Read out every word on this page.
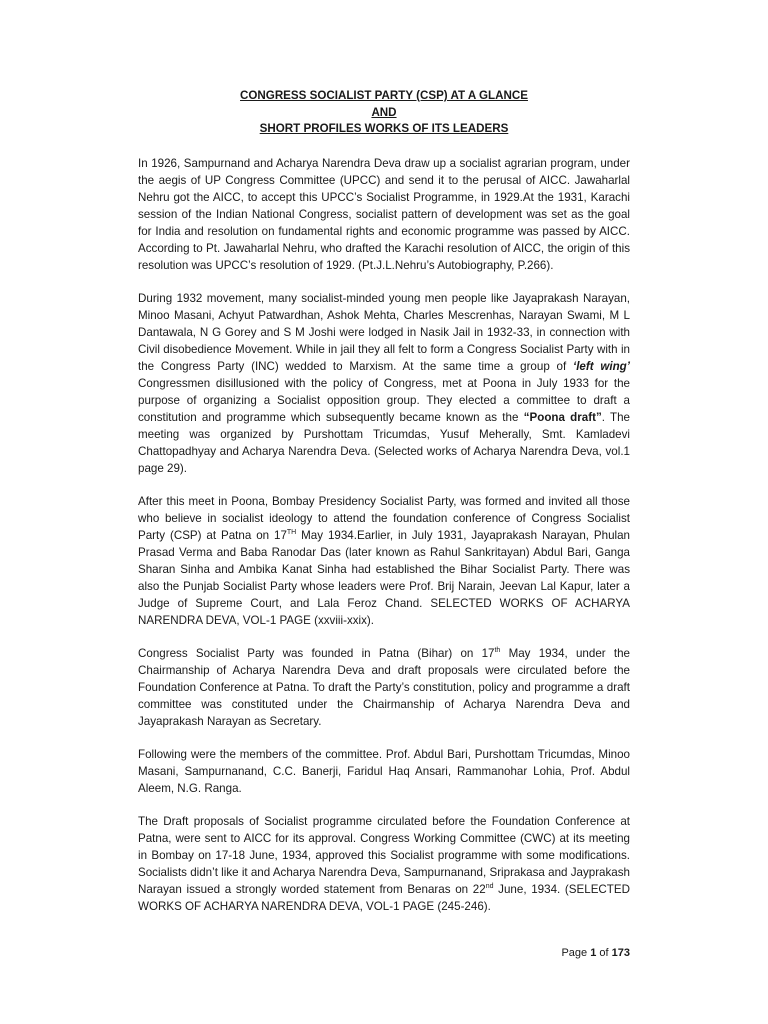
CONGRESS SOCIALIST PARTY (CSP) AT A GLANCE
AND
SHORT PROFILES WORKS OF ITS LEADERS

In 1926, Sampurnand and Acharya Narendra Deva draw up a socialist agrarian program, under the aegis of UP Congress Committee (UPCC) and send it to the perusal of AICC. Jawaharlal Nehru got the AICC, to accept this UPCC’s Socialist Programme, in 1929.At the 1931, Karachi session of the Indian National Congress, socialist pattern of development was set as the goal for India and resolution on fundamental rights and economic programme was passed by AICC. According to Pt. Jawaharlal Nehru, who drafted the Karachi resolution of AICC, the origin of this resolution was UPCC’s resolution of 1929. (Pt.J.L.Nehru’s Autobiography, P.266).

During 1932 movement, many socialist-minded young men people like Jayaprakash Narayan, Minoo Masani, Achyut Patwardhan, Ashok Mehta, Charles Mescrenhas, Narayan Swami, M L Dantawala, N G Gorey and S M Joshi were lodged in Nasik Jail in 1932-33, in connection with Civil disobedience Movement. While in jail they all felt to form a Congress Socialist Party with in the Congress Party (INC) wedded to Marxism. At the same time a group of ‘left wing’ Congressmen disillusioned with the policy of Congress, met at Poona in July 1933 for the purpose of organizing a Socialist opposition group. They elected a committee to draft a constitution and programme which subsequently became known as the “Poona draft”. The meeting was organized by Purshottam Tricumdas, Yusuf Meherally, Smt. Kamladevi Chattopadhyay and Acharya Narendra Deva. (Selected works of Acharya Narendra Deva, vol.1 page 29).

After this meet in Poona, Bombay Presidency Socialist Party, was formed and invited all those who believe in socialist ideology to attend the foundation conference of Congress Socialist Party (CSP) at Patna on 17TH May 1934.Earlier, in July 1931, Jayaprakash Narayan, Phulan Prasad Verma and Baba Ranodar Das (later known as Rahul Sankritayan) Abdul Bari, Ganga Sharan Sinha and Ambika Kanat Sinha had established the Bihar Socialist Party. There was also the Punjab Socialist Party whose leaders were Prof. Brij Narain, Jeevan Lal Kapur, later a Judge of Supreme Court, and Lala Feroz Chand. SELECTED WORKS OF ACHARYA NARENDRA DEVA, VOL-1 PAGE (xxviii-xxix).

Congress Socialist Party was founded in Patna (Bihar) on 17th May 1934, under the Chairmanship of Acharya Narendra Deva and draft proposals were circulated before the Foundation Conference at Patna. To draft the Party’s constitution, policy and programme a draft committee was constituted under the Chairmanship of Acharya Narendra Deva and Jayaprakash Narayan as Secretary.

Following were the members of the committee. Prof. Abdul Bari, Purshottam Tricumdas, Minoo Masani, Sampurnanand, C.C. Banerji, Faridul Haq Ansari, Rammanohar Lohia, Prof. Abdul Aleem, N.G. Ranga.

The Draft proposals of Socialist programme circulated before the Foundation Conference at Patna, were sent to AICC for its approval. Congress Working Committee (CWC) at its meeting in Bombay on 17-18 June, 1934, approved this Socialist programme with some modifications. Socialists didn’t like it and Acharya Narendra Deva, Sampurnanand, Sriprakasa and Jayprakash Narayan issued a strongly worded statement from Benaras on 22nd June, 1934. (SELECTED WORKS OF ACHARYA NARENDRA DEVA, VOL-1 PAGE (245-246).

Page 1 of 173
